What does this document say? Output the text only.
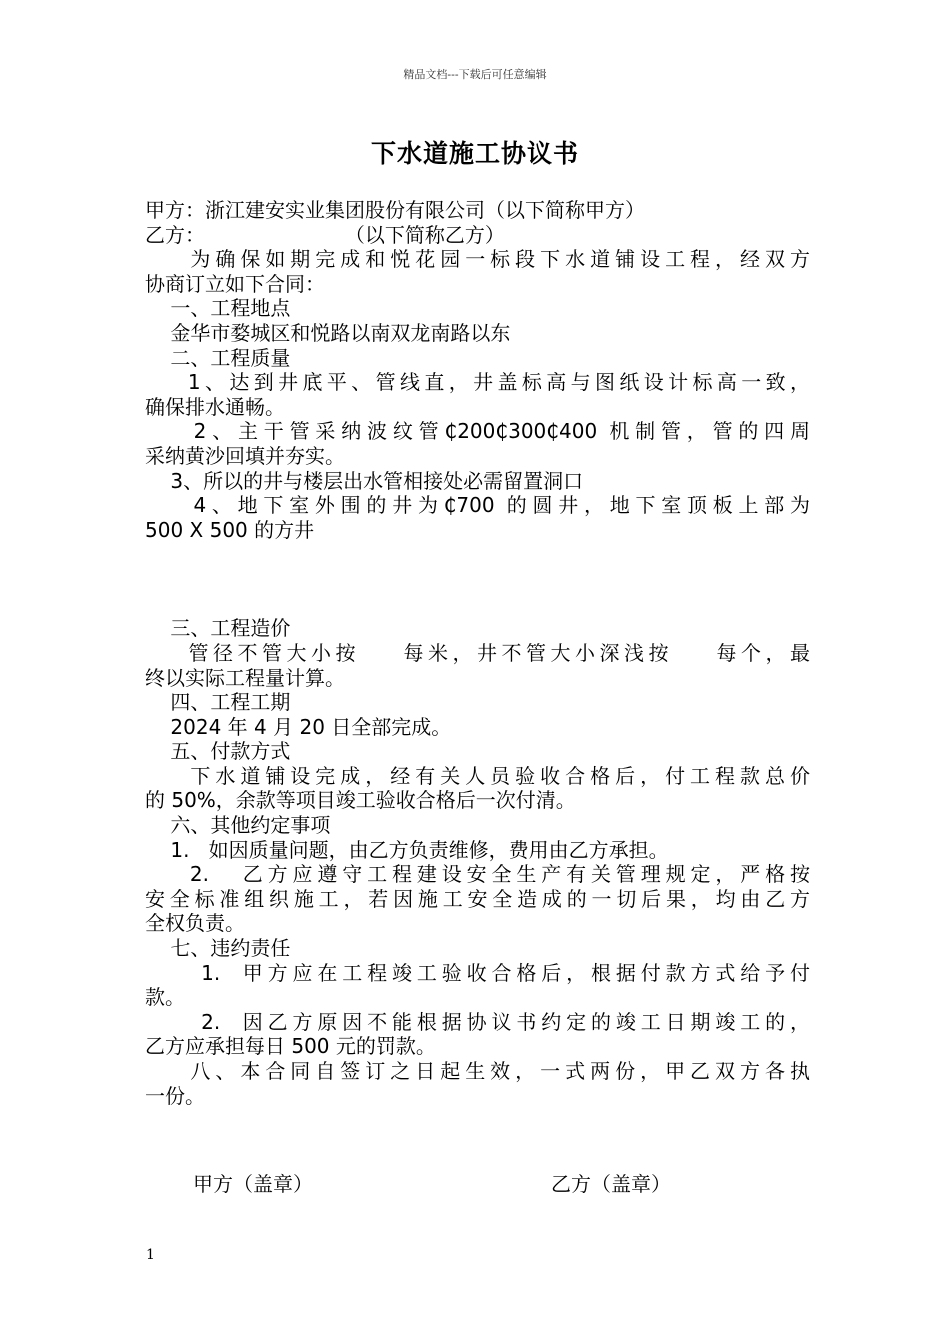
精品文档---下载后可任意编辑
下水道施工协议书
甲方：浙江建安实业集团股份有限公司（以下简称甲方）
乙方：                      （以下简称乙方）
为确保如期完成和悦花园一标段下水道铺设工程，经双方
协商订立如下合同：
一、工程地点
金华市婺城区和悦路以南双龙南路以东
二、工程质量
1、达到井底平、管线直，井盖标高与图纸设计标高一致，
确保排水通畅。
2、主干管采纳波纹管₵200₵300₵400 机制管，管的四周
采纳黄沙回填并夯实。
3、所以的井与楼层出水管相接处必需留置洞口
4、地下室外围的井为₵700 的圆井，地下室顶板上部为
500 X 500 的方井
三、工程造价
管径不管大小按    每米，井不管大小深浅按    每个，最
终以实际工程量计算。
四、工程工期
2024 年 4 月 20 日全部完成。
五、付款方式
下水道铺设完成，经有关人员验收合格后，付工程款总价
的 50%，余款等项目竣工验收合格后一次付清。
六、其他约定事项
1.   如因质量问题，由乙方负责维修，费用由乙方承担。
2.   乙方应遵守工程建设安全生产有关管理规定，严格按
安全标准组织施工，若因施工安全造成的一切后果，均由乙方
全权负责。
七、违约责任
1.  甲方应在工程竣工验收合格后，根据付款方式给予付
款。
2.  因乙方原因不能根据协议书约定的竣工日期竣工的，
乙方应承担每日 500 元的罚款。
八、本合同自签订之日起生效，一式两份，甲乙双方各执
一份。
甲方（盖章）	乙方（盖章）
1
